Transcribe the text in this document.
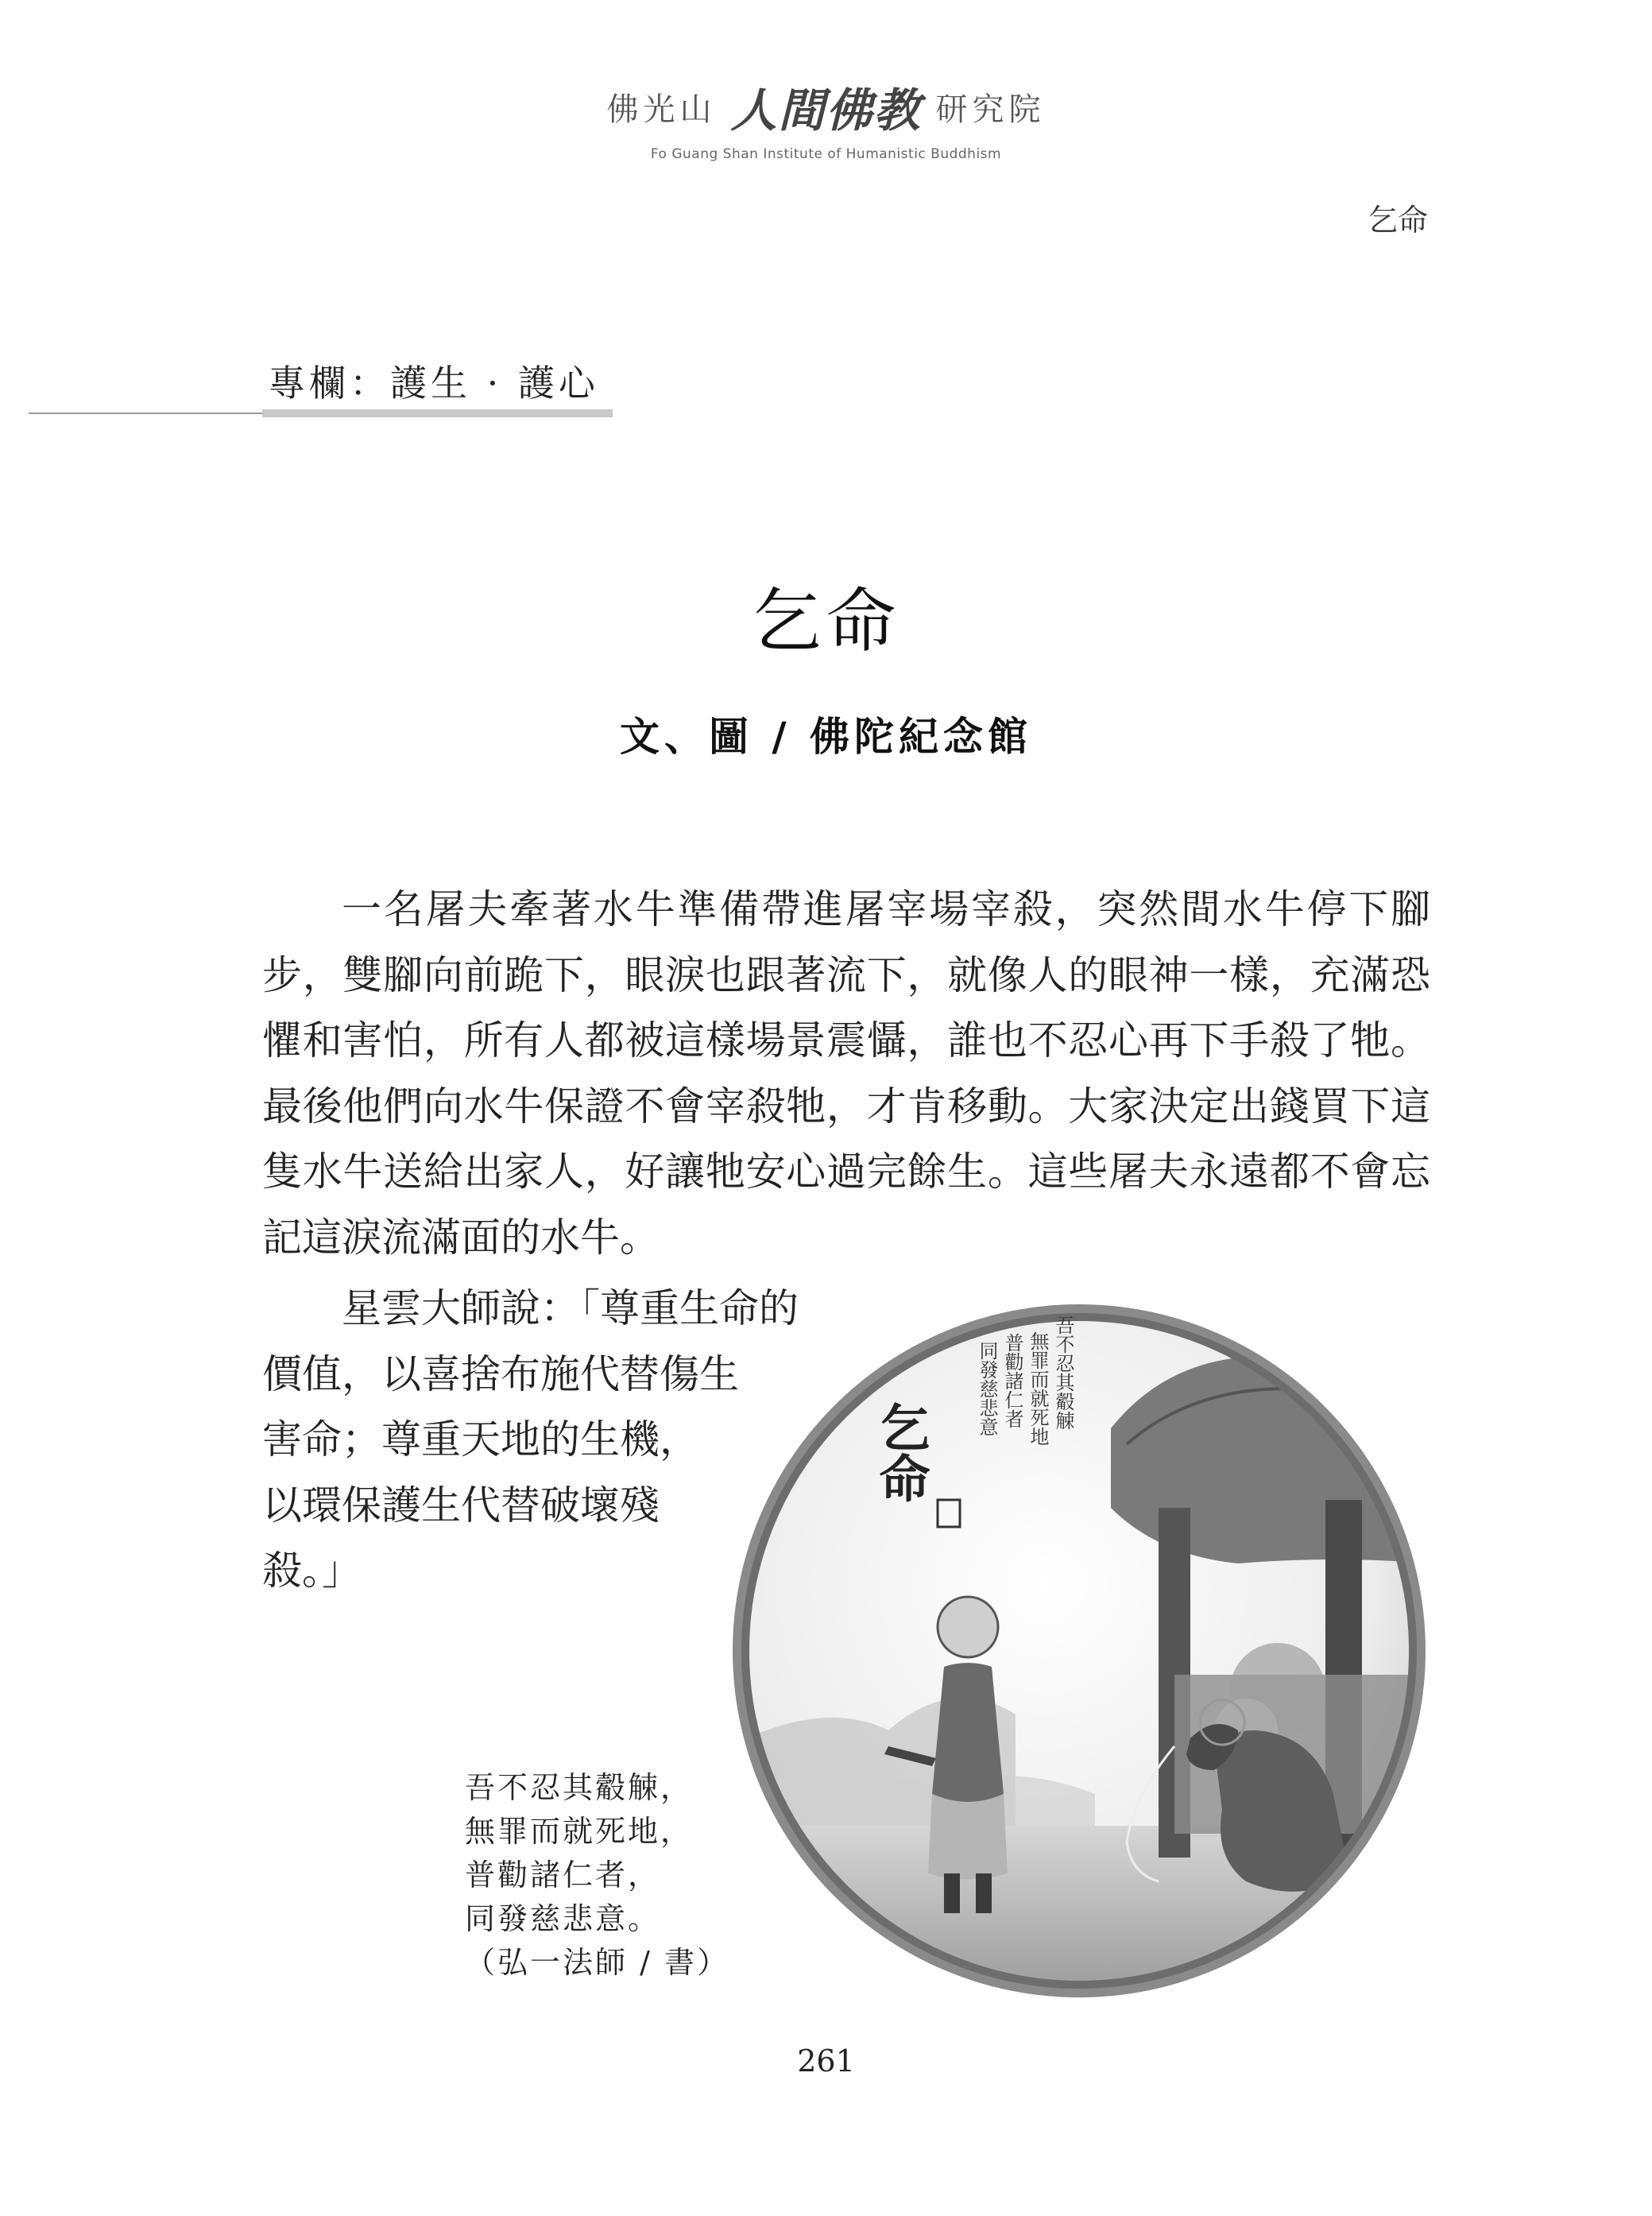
佛光山 人間佛教 研究院
Fo Guang Shan Institute of Humanistic Buddhism
乞命
專欄：護生 · 護心
乞命
文、圖 / 佛陀紀念館

一名屠夫牽著水牛準備帶進屠宰場宰殺，突然間水牛停下腳步，雙腳向前跪下，眼淚也跟著流下，就像人的眼神一樣，充滿恐懼和害怕，所有人都被這樣場景震懾，誰也不忍心再下手殺了牠。最後他們向水牛保證不會宰殺牠，才肯移動。大家決定出錢買下這隻水牛送給出家人，好讓牠安心過完餘生。這些屠夫永遠都不會忘記這淚流滿面的水牛。

星雲大師說：「尊重生命的
價值，以喜捨布施代替傷生
害命；尊重天地的生機，
以環保護生代替破壞殘
殺。」
吾不忍其觳觫，
無罪而就死地，
普勸諸仁者，
同發慈悲意。
（弘一法師 / 書）
吾不忍其觳觫
無罪而就死地
普勸諸仁者
同發慈悲意
乞命
261
